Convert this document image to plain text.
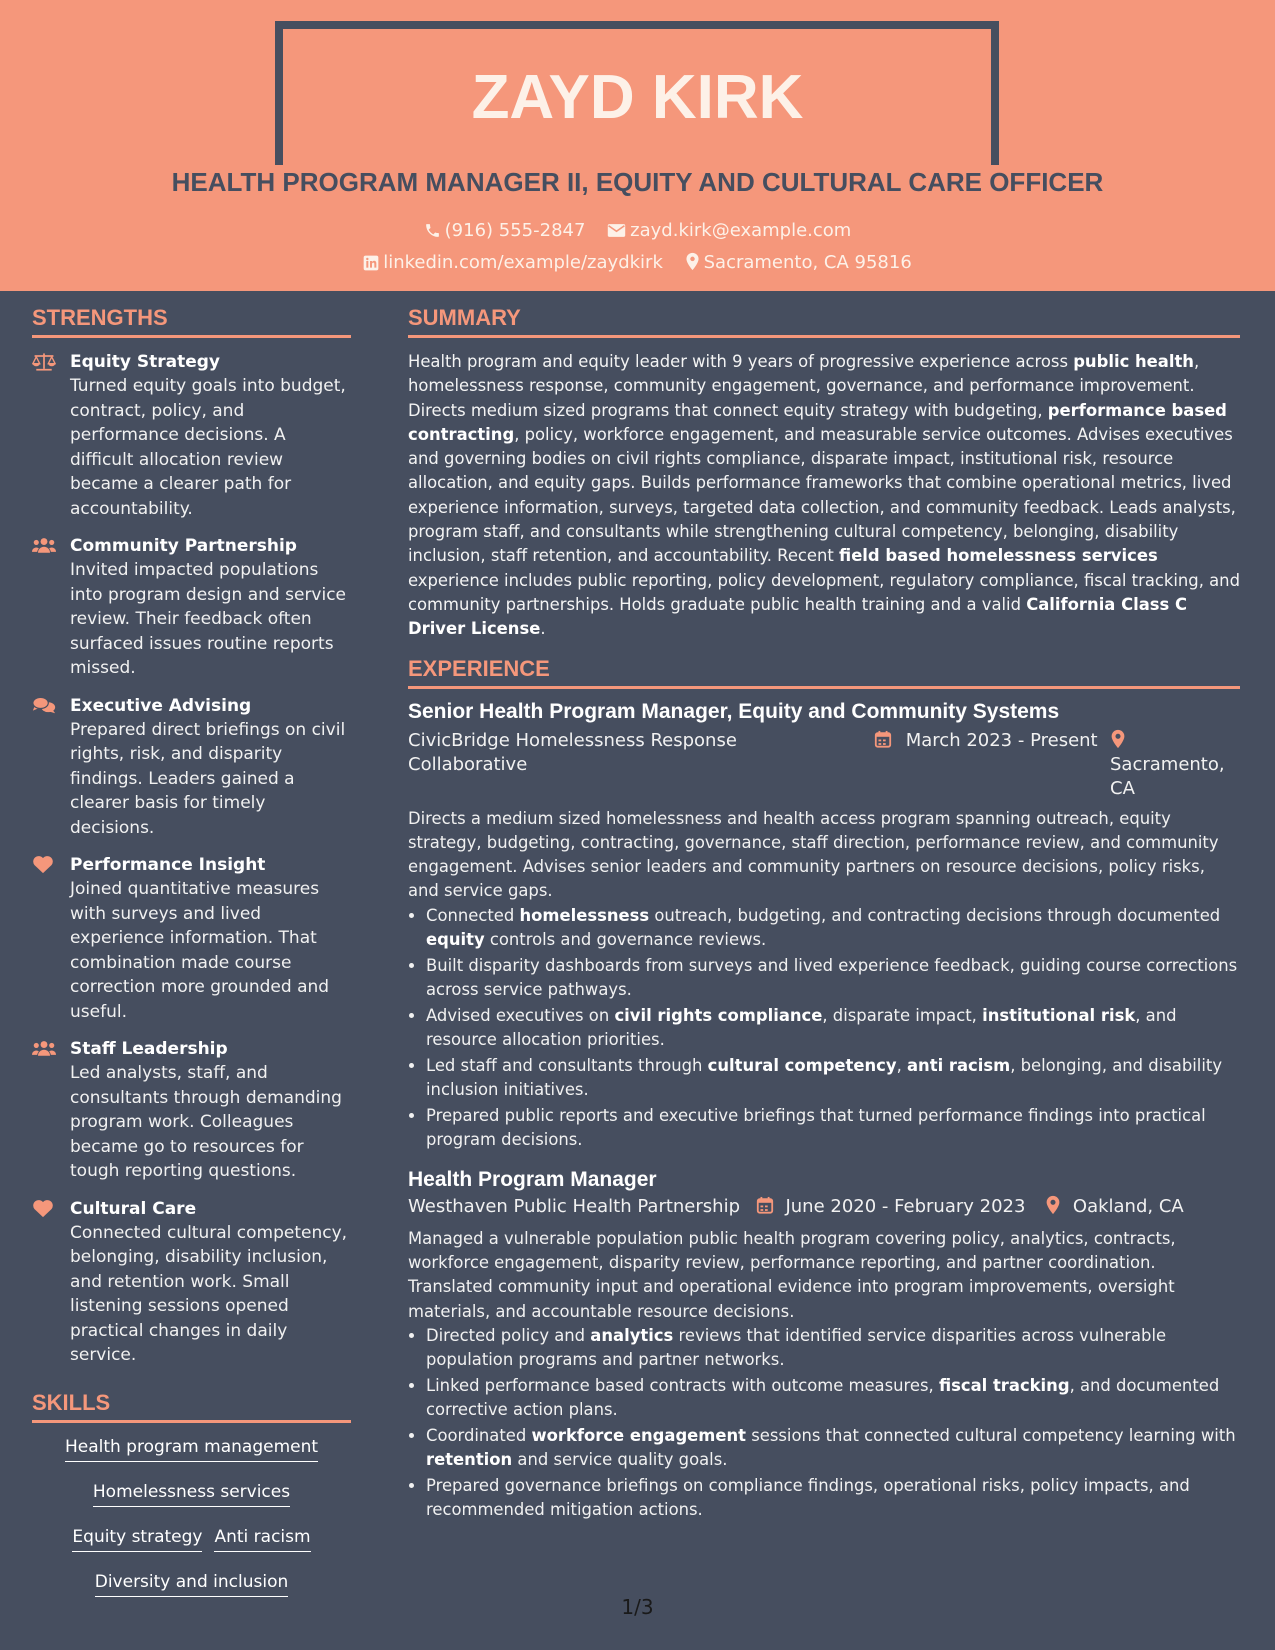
ZAYD KIRK
HEALTH PROGRAM MANAGER II, EQUITY AND CULTURAL CARE OFFICER
(916) 555-2847 zayd.kirk@example.com
linkedin.com/example/zaydkirk Sacramento, CA 95816
STRENGTHS
Equity Strategy
Turned equity goals into budget, contract, policy, and performance decisions. A difficult allocation review became a clearer path for accountability.
Community Partnership
Invited impacted populations into program design and service review. Their feedback often surfaced issues routine reports missed.
Executive Advising
Prepared direct briefings on civil rights, risk, and disparity findings. Leaders gained a clearer basis for timely decisions.
Performance Insight
Joined quantitative measures with surveys and lived experience information. That combination made course correction more grounded and useful.
Staff Leadership
Led analysts, staff, and consultants through demanding program work. Colleagues became go to resources for tough reporting questions.
Cultural Care
Connected cultural competency, belonging, disability inclusion, and retention work. Small listening sessions opened practical changes in daily service.
SKILLS
Health program management
Homelessness services
Equity strategy Anti racism
Diversity and inclusion
SUMMARY

Health program and equity leader with 9 years of progressive experience across public health, homelessness response, community engagement, governance, and performance improvement. Directs medium sized programs that connect equity strategy with budgeting, performance based contracting, policy, workforce engagement, and measurable service outcomes. Advises executives and governing bodies on civil rights compliance, disparate impact, institutional risk, resource allocation, and equity gaps. Builds performance frameworks that combine operational metrics, lived experience information, surveys, targeted data collection, and community feedback. Leads analysts, program staff, and consultants while strengthening cultural competency, belonging, disability inclusion, staff retention, and accountability. Recent field based homelessness services experience includes public reporting, policy development, regulatory compliance, fiscal tracking, and community partnerships. Holds graduate public health training and a valid California Class C Driver License.

EXPERIENCE
Senior Health Program Manager, Equity and Community Systems
CivicBridge Homelessness Response Collaborative
March 2023 - Present
Sacramento, CA
Directs a medium sized homelessness and health access program spanning outreach, equity strategy, budgeting, contracting, governance, staff direction, performance review, and community engagement. Advises senior leaders and community partners on resource decisions, policy risks, and service gaps.
• Connected homelessness outreach, budgeting, and contracting decisions through documented equity controls and governance reviews.
• Built disparity dashboards from surveys and lived experience feedback, guiding course corrections across service pathways.
• Advised executives on civil rights compliance, disparate impact, institutional risk, and resource allocation priorities.
• Led staff and consultants through cultural competency, anti racism, belonging, and disability inclusion initiatives.
• Prepared public reports and executive briefings that turned performance findings into practical program decisions.
Health Program Manager
Westhaven Public Health Partnership	June 2020 - February 2023	Oakland, CA
Managed a vulnerable population public health program covering policy, analytics, contracts, workforce engagement, disparity review, performance reporting, and partner coordination. Translated community input and operational evidence into program improvements, oversight materials, and accountable resource decisions.
• Directed policy and analytics reviews that identified service disparities across vulnerable population programs and partner networks.
• Linked performance based contracts with outcome measures, fiscal tracking, and documented corrective action plans.
• Coordinated workforce engagement sessions that connected cultural competency learning with retention and service quality goals.
• Prepared governance briefings on compliance findings, operational risks, policy impacts, and recommended mitigation actions.
1/3
